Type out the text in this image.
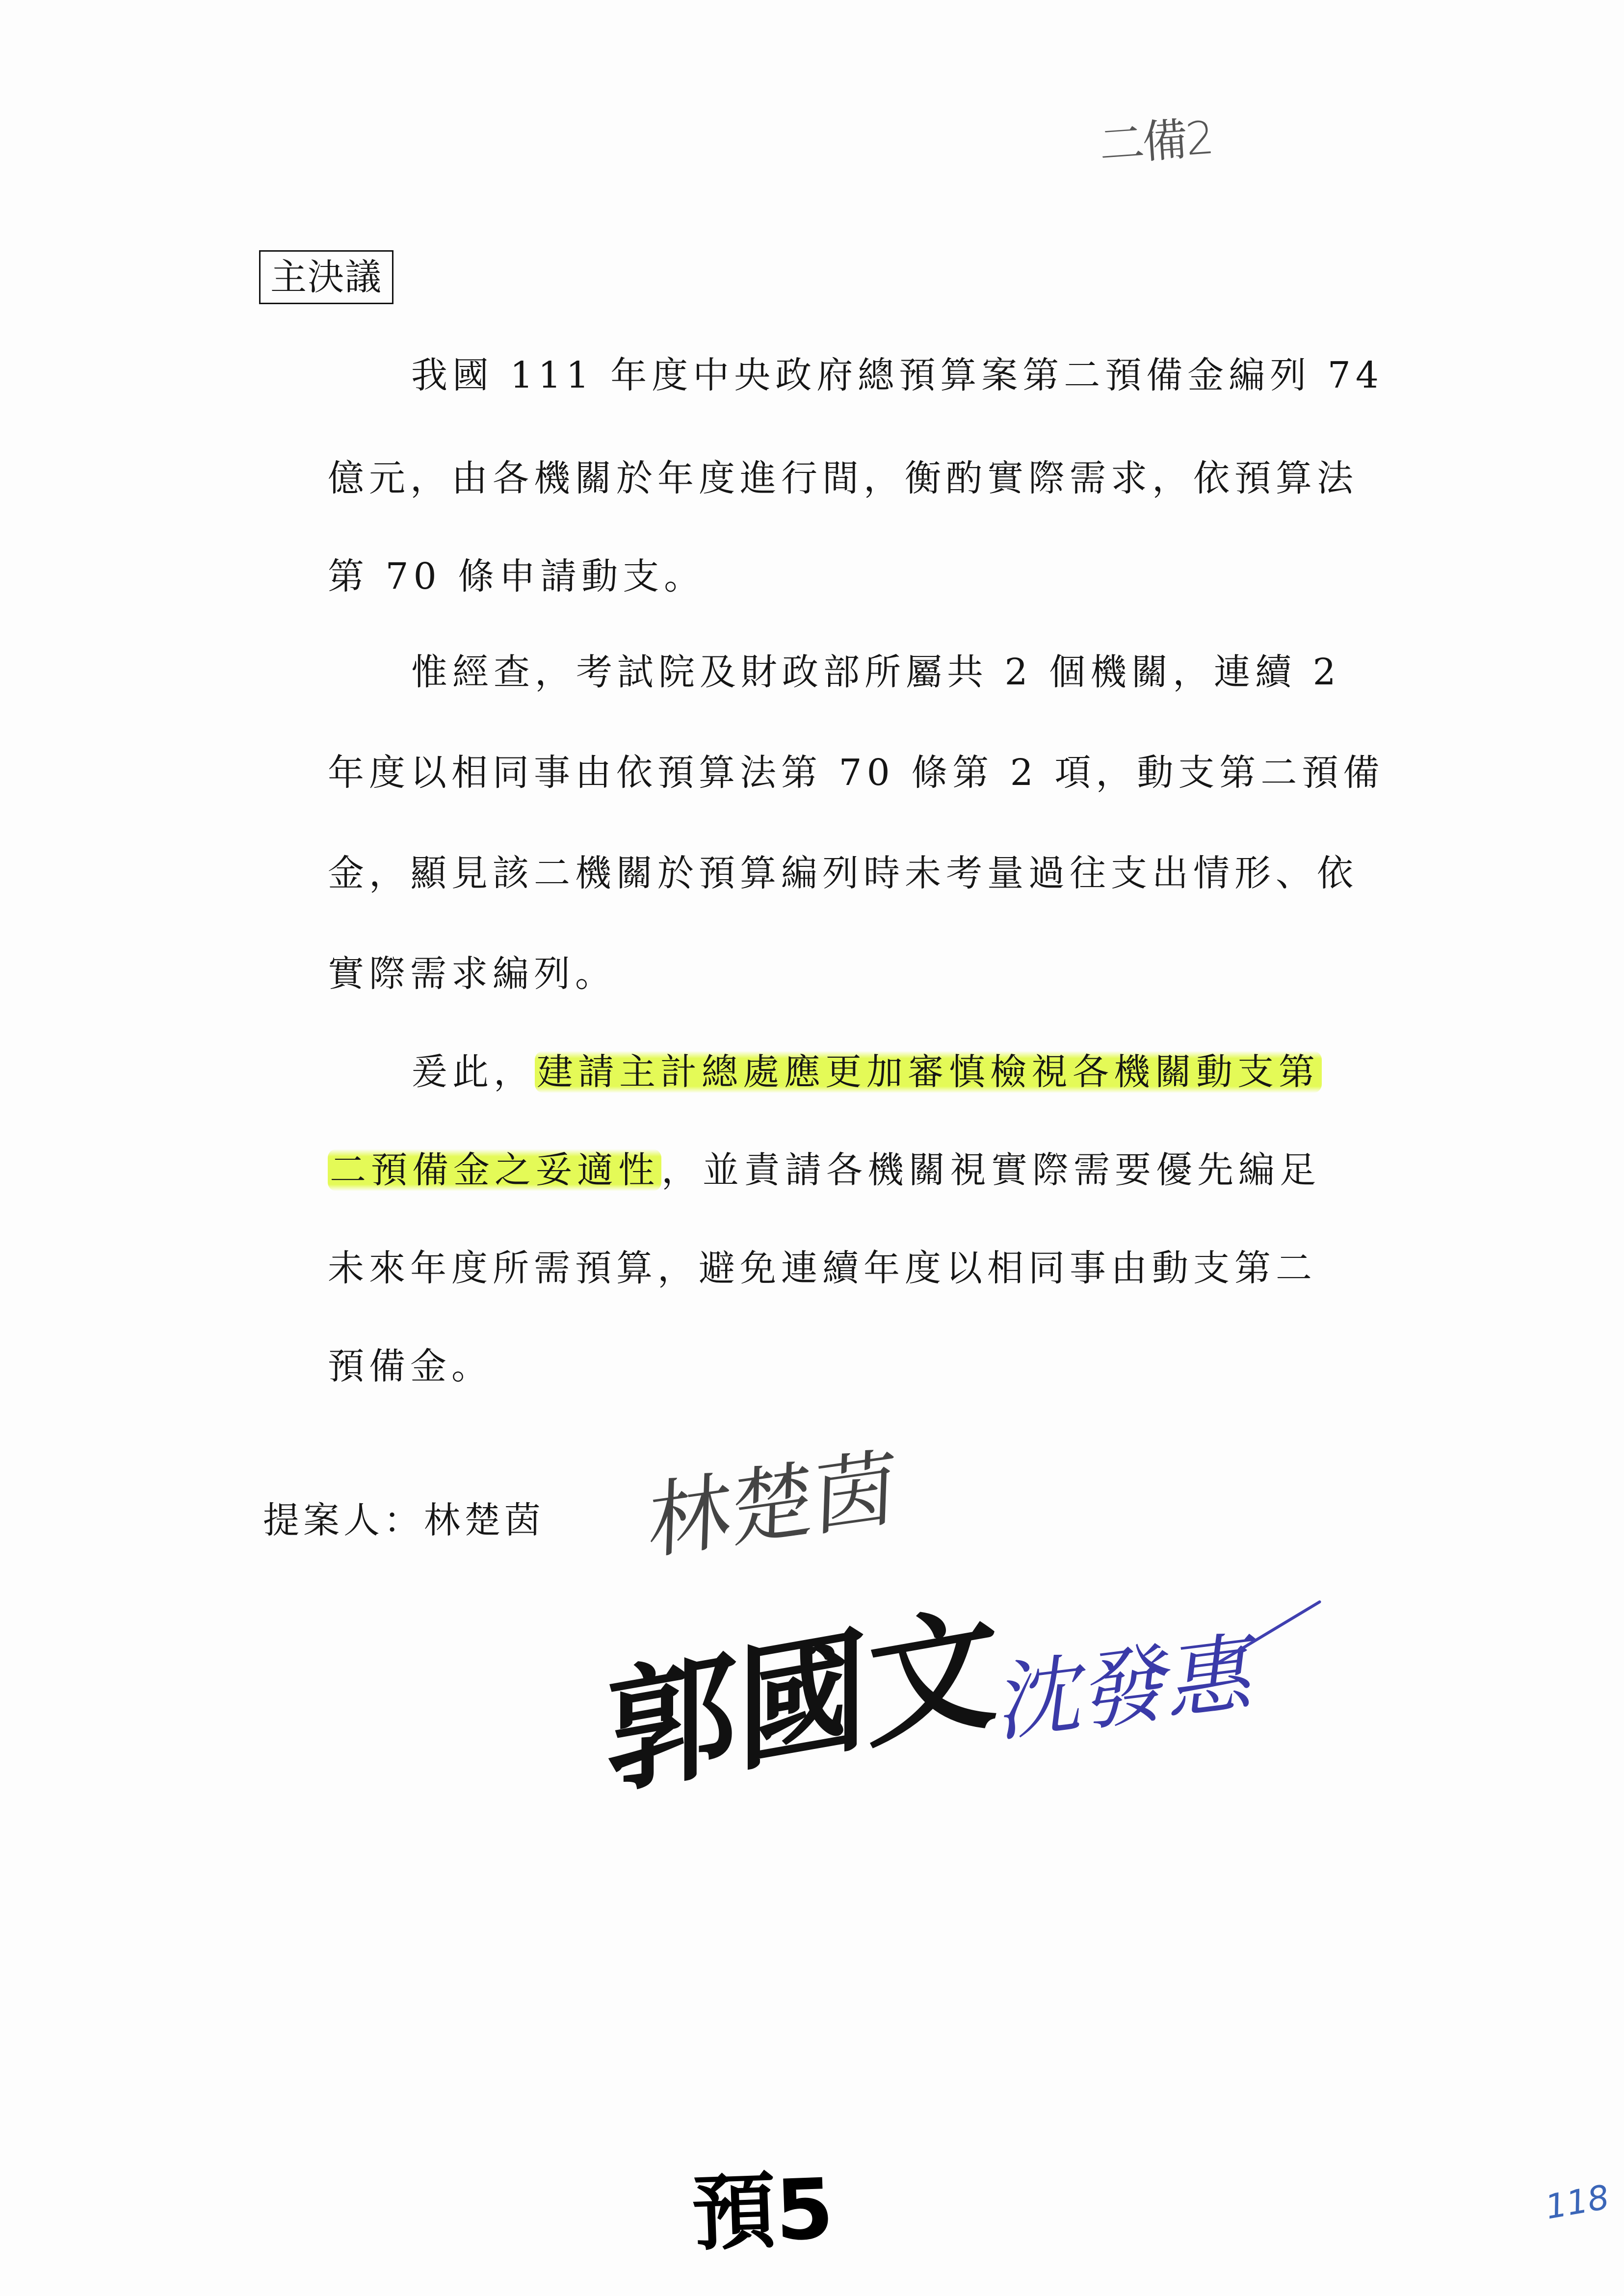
二備2
主決議
我國 111 年度中央政府總預算案第二預備金編列 74
億元，由各機關於年度進行間，衡酌實際需求，依預算法
第 70 條申請動支。
惟經查，考試院及財政部所屬共 2 個機關，連續 2
年度以相同事由依預算法第 70 條第 2 項，動支第二預備
金，顯見該二機關於預算編列時未考量過往支出情形、依
實際需求編列。
爰此，建請主計總處應更加審慎檢視各機關動支第
二預備金之妥適性，並責請各機關視實際需要優先編足
未來年度所需預算，避免連續年度以相同事由動支第二
預備金。
提案人：林楚茵 林楚茵
郭國文
沈發惠
預5	118
